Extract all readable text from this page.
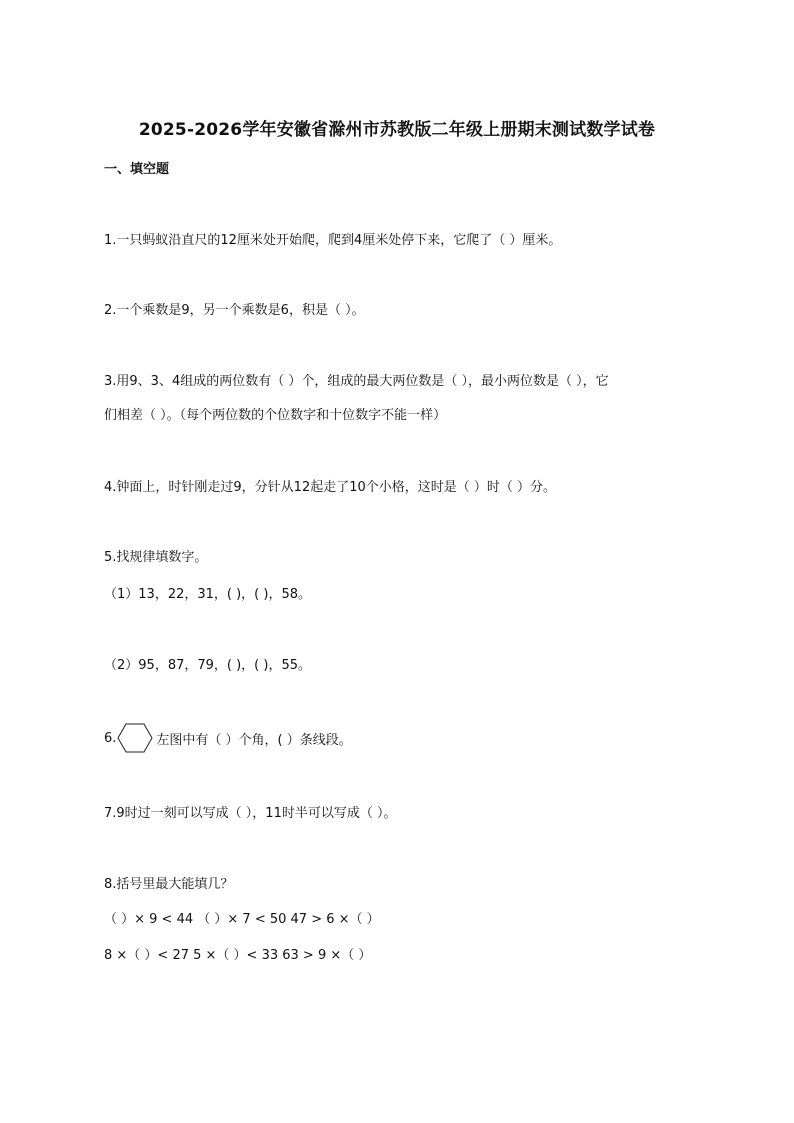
2025-2026学年安徽省滁州市苏教版二年级上册期末测试数学试卷
一、填空题
1.一只蚂蚁沿直尺的12厘米处开始爬，爬到4厘米处停下来，它爬了（ ）厘米。
2.一个乘数是9，另一个乘数是6，积是（ ）。
3.用9、3、4组成的两位数有（ ）个，组成的最大两位数是（ ），最小两位数是（ ），它
们相差（ ）。（每个两位数的个位数字和十位数字不能一样）
4.钟面上，时针刚走过9，分针从12起走了10个小格，这时是（ ）时（ ）分。
5.找规律填数字。
（1）13，22，31，( )，( )，58。
（2）95，87，79，( )，( )，55。
6.	左图中有（ ）个角，( ）条线段。
7.9时过一刻可以写成（ ），11时半可以写成（ ）。
8.括号里最大能填几？
（ ）× 9 < 44 （ ）× 7 < 50 47 > 6 ×（ ）
8 ×（ ）< 27 5 ×（ ）< 33 63 > 9 ×（ ）
